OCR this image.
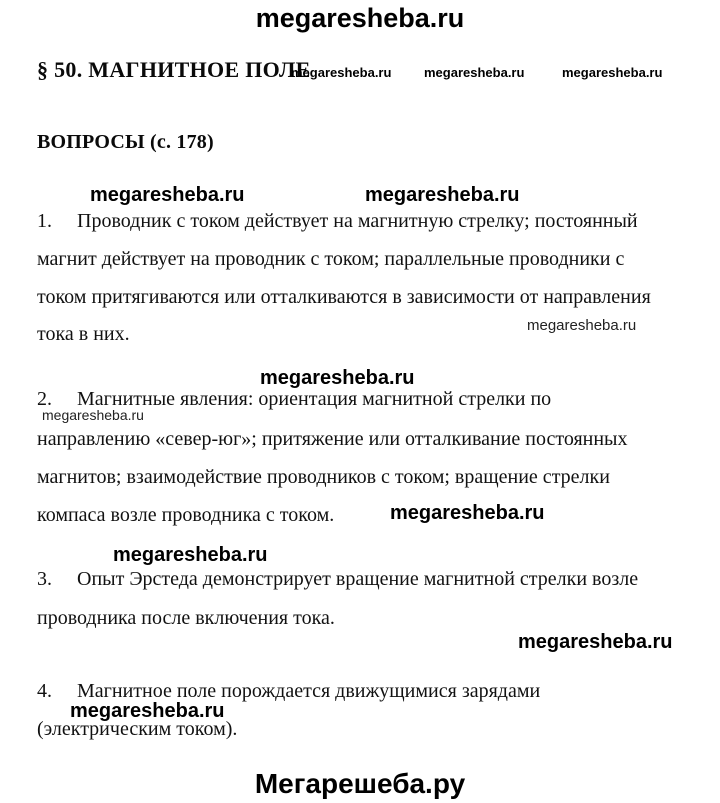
megaresheba.ru
§ 50. МАГНИТНОЕ ПОЛЕ
megaresheba.ru	megaresheba.ru	megaresheba.ru
ВОПРОСЫ (с. 178)
megaresheba.ru	megaresheba.ru
1.     Проводник с током действует на магнитную стрелку; постоянный
магнит действует на проводник с током; параллельные проводники с
током притягиваются или отталкиваются в зависимости от направления
тока в них.	megaresheba.ru
megaresheba.ru
2.     Магнитные явления: ориентация магнитной стрелки по
megaresheba.ru
направлению «север-юг»; притяжение или отталкивание постоянных
магнитов; взаимодействие проводников с током; вращение стрелки
компаса возле проводника с током.	megaresheba.ru
megaresheba.ru
3.     Опыт Эрстеда демонстрирует вращение магнитной стрелки возле
проводника после включения тока.
megaresheba.ru
4.     Магнитное поле порождается движущимися зарядами
megaresheba.ru
(электрическим током).
Мегарешеба.ру
